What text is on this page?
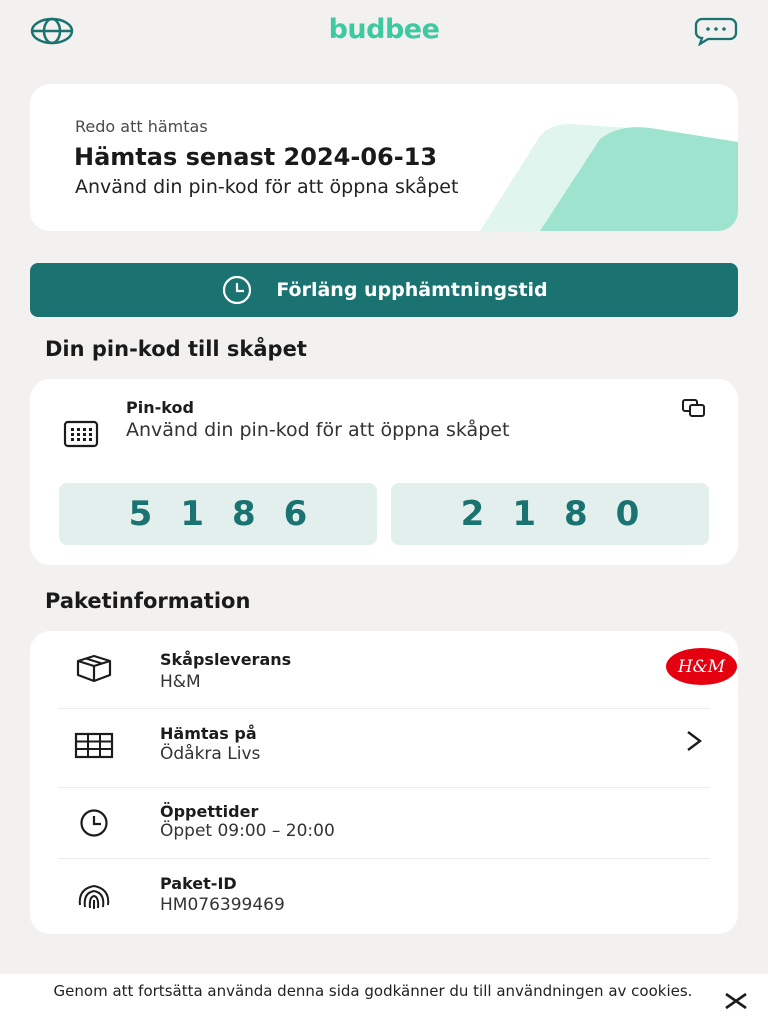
budbee
Redo att hämtas
Hämtas senast 2024-06-13
Använd din pin-kod för att öppna skåpet
Förläng upphämtningstid
Din pin-kod till skåpet
Pin-kod
Använd din pin-kod för att öppna skåpet
5186	2180
Paketinformation
Skåpsleverans
H&M
H&M
Hämtas på
Ödåkra Livs
Öppettider
Öppet 09:00 – 20:00
Paket-ID
HM076399469
Genom att fortsätta använda denna sida godkänner du till användningen av cookies.
